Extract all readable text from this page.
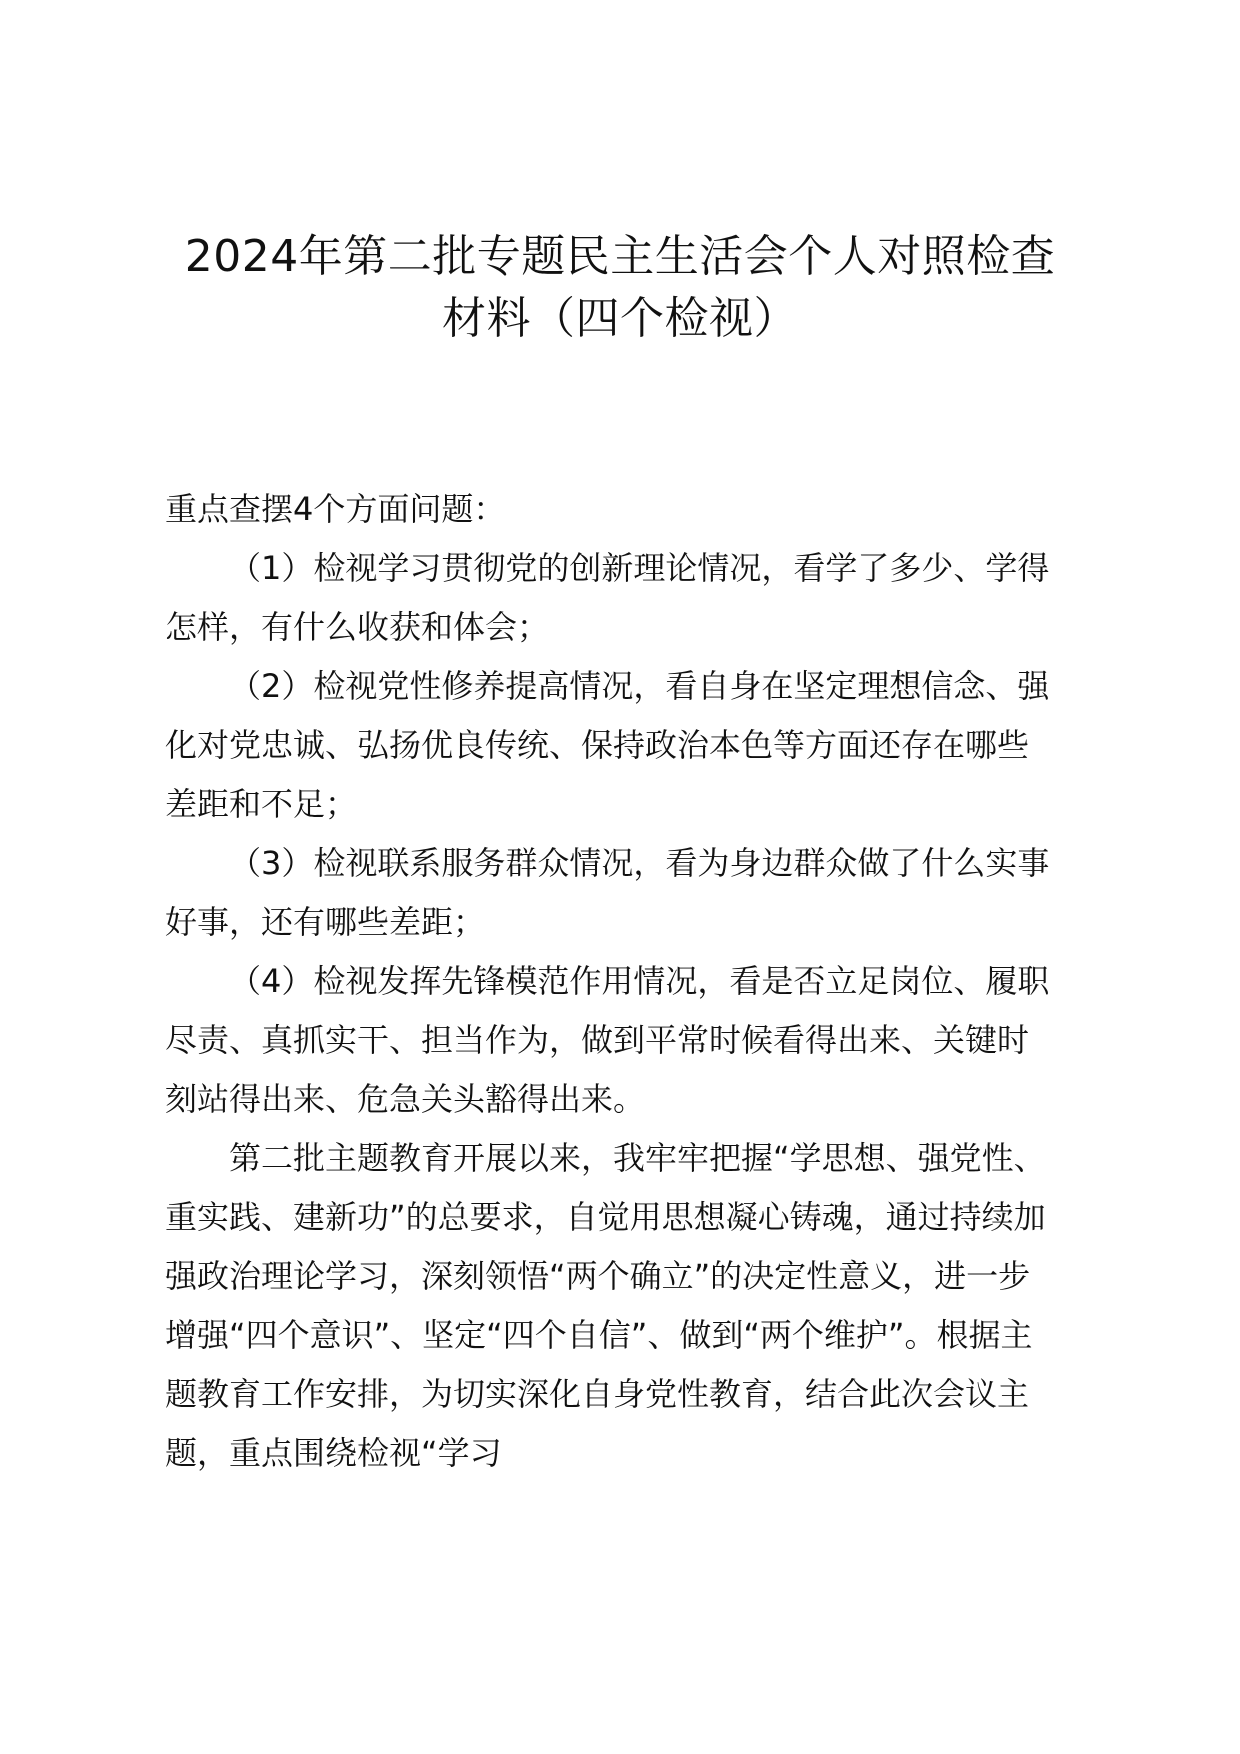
2024年第二批专题民主生活会个人对照检查
材料（四个检视）

重点查摆4个方面问题：

（1）检视学习贯彻党的创新理论情况，看学了多少、学得
怎样，有什么收获和体会；

（2）检视党性修养提高情况，看自身在坚定理想信念、强
化对党忠诚、弘扬优良传统、保持政治本色等方面还存在哪些
差距和不足；

（3）检视联系服务群众情况，看为身边群众做了什么实事
好事，还有哪些差距；

（4）检视发挥先锋模范作用情况，看是否立足岗位、履职
尽责、真抓实干、担当作为，做到平常时候看得出来、关键时
刻站得出来、危急关头豁得出来。

第二批主题教育开展以来，我牢牢把握“学思想、强党性、
重实践、建新功”的总要求，自觉用思想凝心铸魂，通过持续加
强政治理论学习，深刻领悟“两个确立”的决定性意义，进一步
增强“四个意识”、坚定“四个自信”、做到“两个维护”。根据主
题教育工作安排，为切实深化自身党性教育，结合此次会议主
题，重点围绕检视“学习
